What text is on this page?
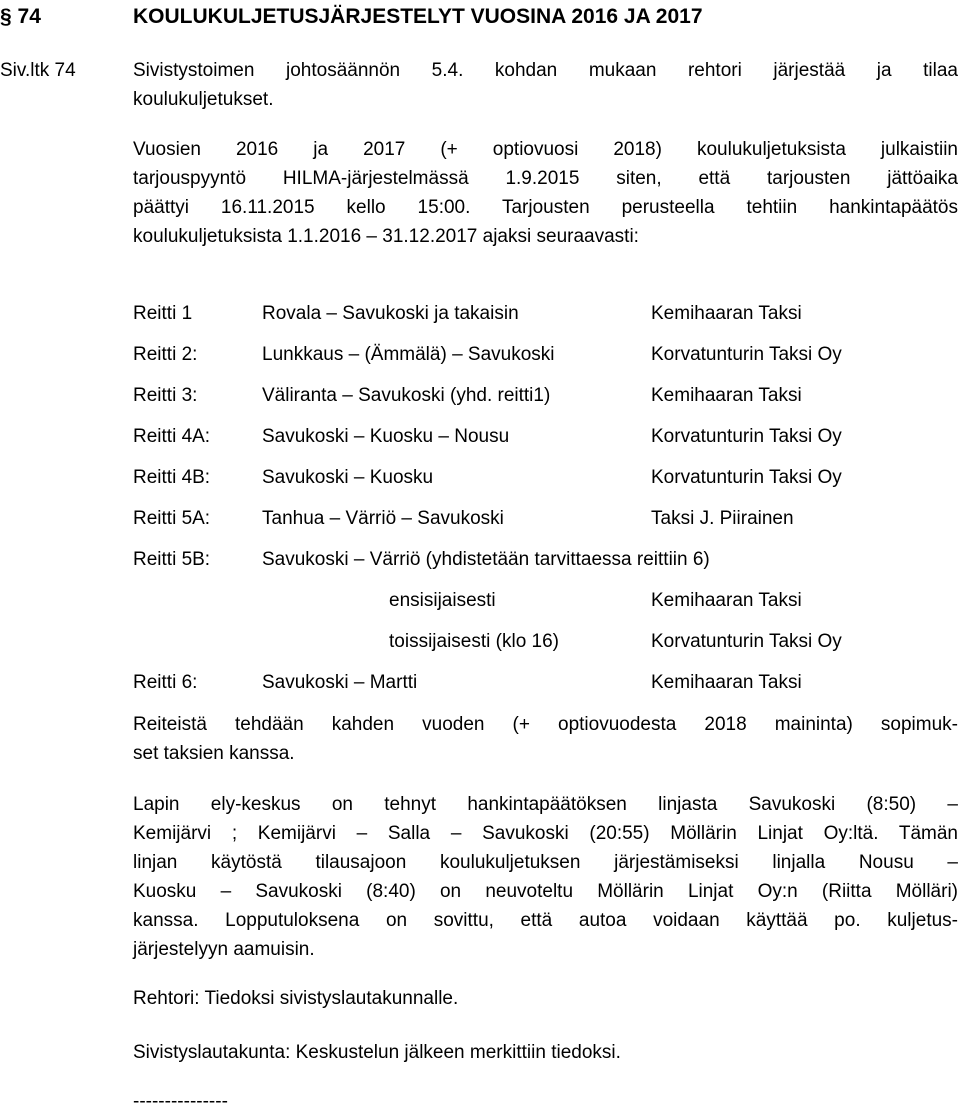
§ 74	KOULUKULJETUSJÄRJESTELYT VUOSINA 2016 JA 2017
Siv.ltk 74	Sivistystoimen johtosäännön 5.4. kohdan mukaan rehtori järjestää ja tilaa
koulukuljetukset.
Vuosien 2016 ja 2017 (+ optiovuosi 2018) koulukuljetuksista julkaistiin
tarjouspyyntö HILMA-järjestelmässä 1.9.2015 siten, että tarjousten jättöaika
päättyi 16.11.2015 kello 15:00. Tarjousten perusteella tehtiin hankintapäätös
koulukuljetuksista 1.1.2016 – 31.12.2017 ajaksi seuraavasti:
Reitti 1	Rovala – Savukoski ja takaisin	Kemihaaran Taksi
Reitti 2:	Lunkkaus – (Ämmälä) – Savukoski	Korvatunturin Taksi Oy
Reitti 3:	Väliranta – Savukoski (yhd. reitti1)	Kemihaaran Taksi
Reitti 4A:	Savukoski – Kuosku – Nousu	Korvatunturin Taksi Oy
Reitti 4B:	Savukoski – Kuosku	Korvatunturin Taksi Oy
Reitti 5A:	Tanhua – Värriö – Savukoski	Taksi J. Piirainen
Reitti 5B:	Savukoski – Värriö (yhdistetään tarvittaessa reittiin 6)
ensisijaisesti	Kemihaaran Taksi
toissijaisesti (klo 16)	Korvatunturin Taksi Oy
Reitti 6:	Savukoski – Martti	Kemihaaran Taksi
Reiteistä tehdään kahden vuoden (+ optiovuodesta 2018 maininta) sopimuk-
set taksien kanssa.
Lapin ely-keskus on tehnyt hankintapäätöksen linjasta Savukoski (8:50) –
Kemijärvi ; Kemijärvi – Salla – Savukoski (20:55) Möllärin Linjat Oy:ltä. Tämän
linjan käytöstä tilausajoon koulukuljetuksen järjestämiseksi linjalla Nousu –
Kuosku – Savukoski (8:40) on neuvoteltu Möllärin Linjat Oy:n (Riitta Mölläri)
kanssa. Lopputuloksena on sovittu, että autoa voidaan käyttää po. kuljetus-
järjestelyyn aamuisin.
Rehtori: Tiedoksi sivistyslautakunnalle.
Sivistyslautakunta: Keskustelun jälkeen merkittiin tiedoksi.
---------------
